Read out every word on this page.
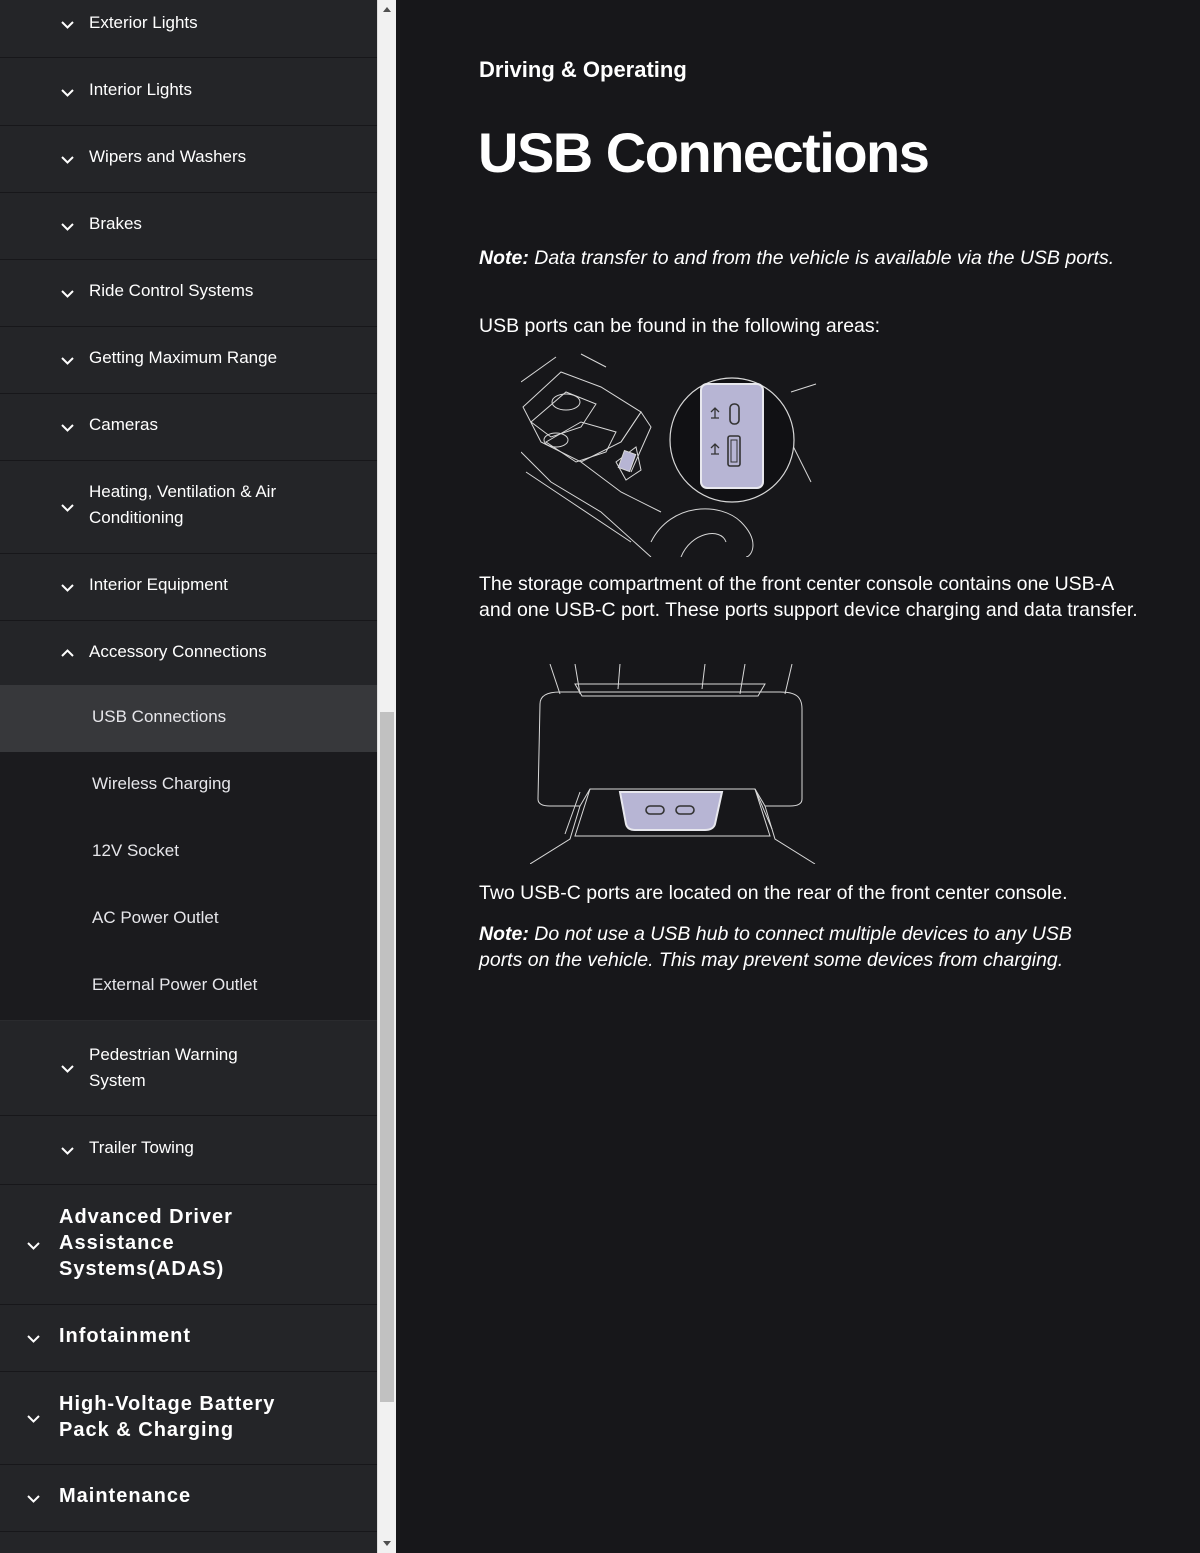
Exterior Lights
Interior Lights
Wipers and Washers
Brakes
Ride Control Systems
Getting Maximum Range
Cameras
Heating, Ventilation & Air Conditioning
Interior Equipment
Accessory Connections
USB Connections
Wireless Charging
12V Socket
AC Power Outlet
External Power Outlet
Pedestrian Warning System
Trailer Towing
Advanced Driver Assistance Systems(ADAS)
Infotainment
High-Voltage Battery Pack & Charging
Maintenance
Driving & Operating
USB Connections

Note: Data transfer to and from the vehicle is available via the USB ports.

USB ports can be found in the following areas:

The storage compartment of the front center console contains one USB-A and one USB-C port. These ports support device charging and data transfer.

Two USB-C ports are located on the rear of the front center console.

Note: Do not use a USB hub to connect multiple devices to any USB ports on the vehicle. This may prevent some devices from charging.
